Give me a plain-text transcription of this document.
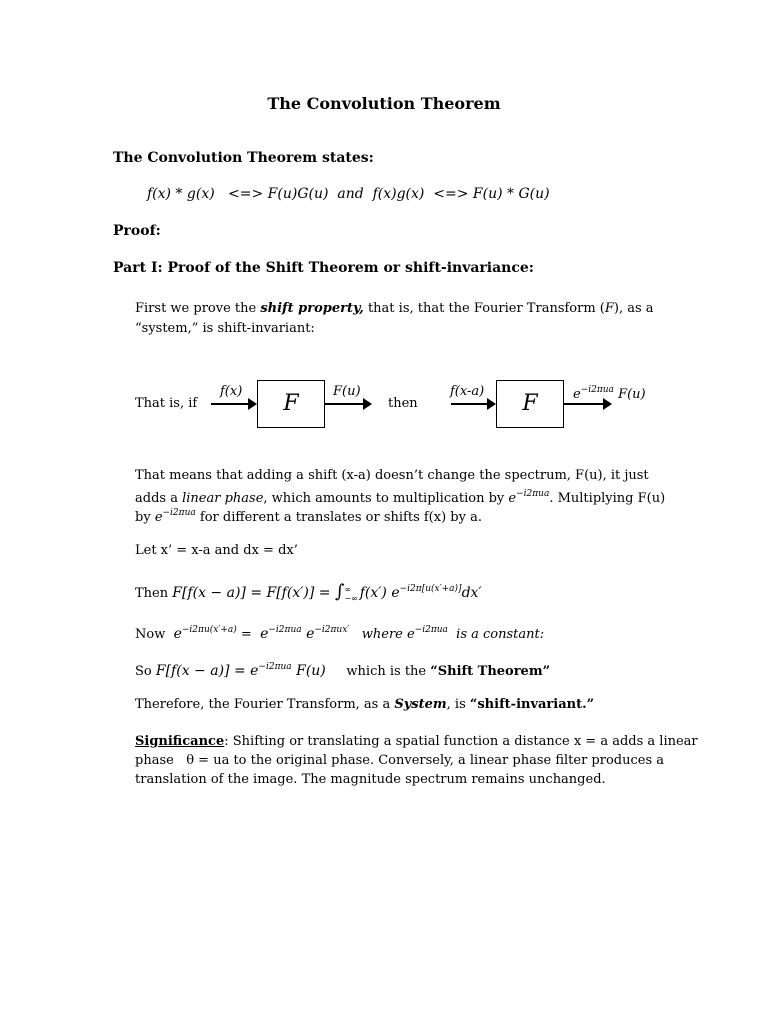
The Convolution Theorem
The Convolution Theorem states:
f(x) * g(x)   <=> F(u)G(u)  and  f(x)g(x)  <=> F(u) * G(u)
Proof:
Part I: Proof of the Shift Theorem or shift-invariance:
First we prove the shift property, that is, that the Fourier Transform (F), as a
“system,” is shift-invariant:
That is, if
f(x)	F	F(u)
then
f(x-a)	F	$e^{-i2\pi ua}$ F(u)
That means that adding a shift (x-a) doesn’t change the spectrum, F(u), it just
adds a linear phase, which amounts to multiplication by $e^{-i2\pi ua}$. Multiplying F(u)
by $e^{-i2\pi ua}$ for different a translates or shifts f(x) by a.
Let x’ = x-a and dx = dx’
Then F[f(x − a)] = F[f(x′)] = ∫ ∞
−∞ f(x′) $e^{-i2\pi[u(x'+a)]}dx'$
Now  $e^{-i2\pi u(x'+a)} = e^{-i2\pi ua}$ $e^{-i2\pi ux'}$   where $e^{-i2\pi ua}$  is a constant:
So $F[f(x - a)] = e^{-i2\pi ua}$ F(u)     which is the “Shift Theorem”
Therefore, the Fourier Transform, as a System, is “shift-invariant.”
Significance: Shifting or translating a spatial function a distance x = a adds a linear
phase   θ = ua to the original phase. Conversely, a linear phase filter produces a
translation of the image. The magnitude spectrum remains unchanged.
